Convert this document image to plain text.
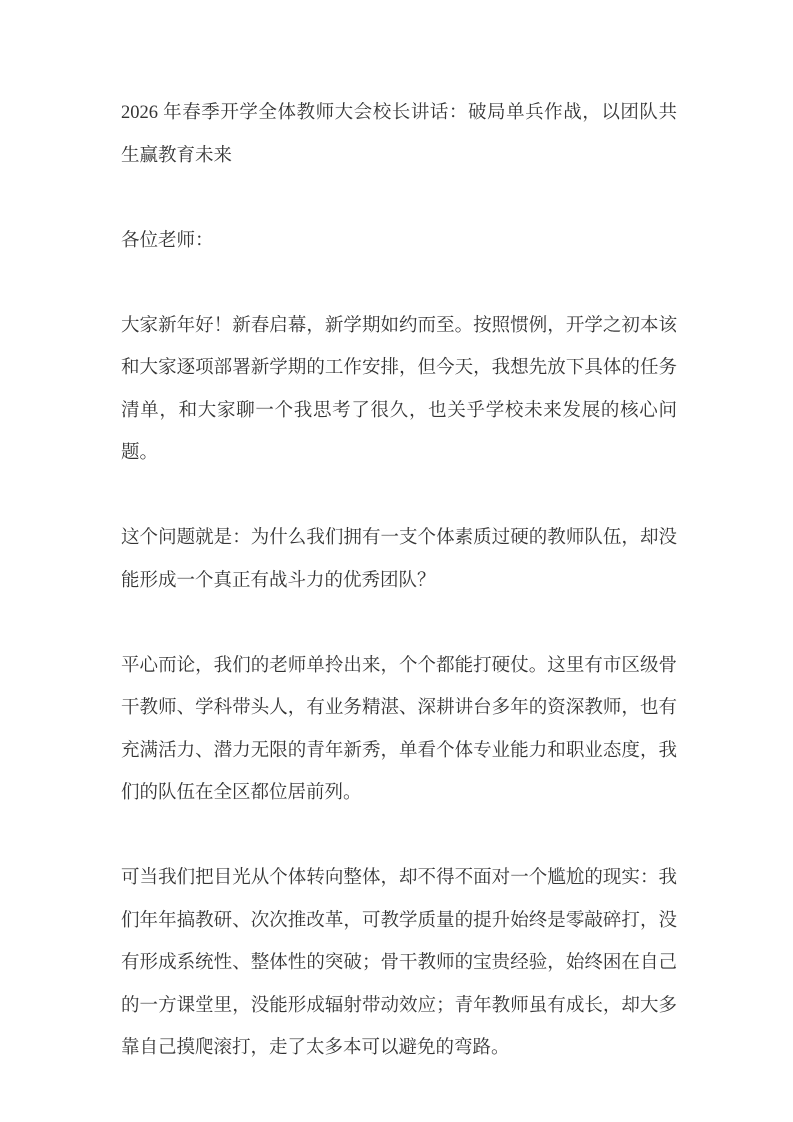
2026 年春季开学全体教师大会校长讲话：破局单兵作战，以团队共生赢教育未来

各位老师：

大家新年好！新春启幕，新学期如约而至。按照惯例，开学之初本该和大家逐项部署新学期的工作安排，但今天，我想先放下具体的任务清单，和大家聊一个我思考了很久，也关乎学校未来发展的核心问题。

这个问题就是：为什么我们拥有一支个体素质过硬的教师队伍，却没能形成一个真正有战斗力的优秀团队？

平心而论，我们的老师单拎出来，个个都能打硬仗。这里有市区级骨干教师、学科带头人，有业务精湛、深耕讲台多年的资深教师，也有充满活力、潜力无限的青年新秀，单看个体专业能力和职业态度，我们的队伍在全区都位居前列。

可当我们把目光从个体转向整体，却不得不面对一个尴尬的现实：我们年年搞教研、次次推改革，可教学质量的提升始终是零敲碎打，没有形成系统性、整体性的突破；骨干教师的宝贵经验，始终困在自己的一方课堂里，没能形成辐射带动效应；青年教师虽有成长，却大多靠自己摸爬滚打，走了太多本可以避免的弯路。
